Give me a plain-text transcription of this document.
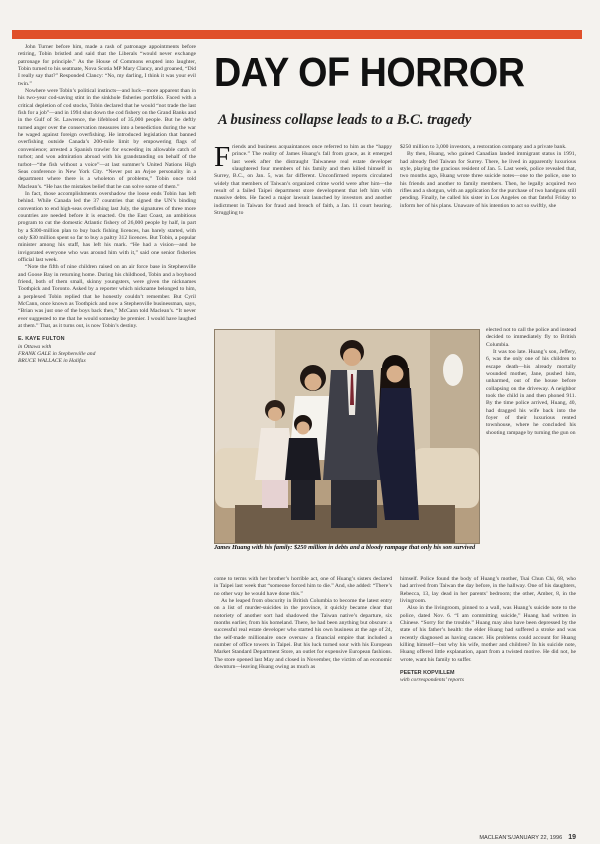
John Turner before him, made a rash of patronage appointments before retiring, Tobin bristled and said that the Liberals “would never exchange patronage for principle.” As the House of Commons erupted into laughter, Tobin turned to his seatmate, Nova Scotia MP Mary Clancy, and groaned, “Did I really say that?” Responded Clancy: “No, my darling, I think it was your evil twin.”

Nowhere were Tobin’s political instincts—and luck—more apparent than in his two-year cod-saving stint in the sinkhole fisheries portfolio. Faced with a critical depletion of cod stocks, Tobin declared that he would “not trade the last fish for a job”—and in 1994 shut down the cod fishery on the Grand Banks and in the Gulf of St. Lawrence, the lifeblood of 35,000 people. But he deftly turned anger over the conservation measures into a benediction during the war he waged against foreign overfishing. He introduced legislation that banned overfishing outside Canada’s 200-mile limit by empowering flags of convenience; arrested a Spanish trawler for exceeding its allowable catch of turbot; and won admiration abroad with his grandstanding on behalf of the turbot—“the fish without a voice”—at last summer’s United Nations High Seas conference in New York City. “Never put an Avjoe personality in a department where there is a wholeton of problems,” Tobin once told Maclean’s. “He has the mistakes belief that he can solve some of them.”

In fact, those accomplishments overshadow the loose ends Tobin has left behind. While Canada led the 37 countries that signed the UN’s binding convention to end high-seas overfishing last July, the signatures of three more countries are needed before it is enacted. On the East Coast, an ambitious program to cut the domestic Atlantic fishery of 26,000 people by half, in part by a $300-million plan to buy back fishing licences, has barely started, with only $30 million spent so far to buy a paltry 312 licences. But Tobin, a popular minister among his staff, has left his mark. “He had a vision—and he invigorated everyone who was around him with it,” said one senior fisheries official last week.

“Note the fifth of nine children raised on an air force base in Stephenville and Goose Bay in returning home. During his childhood, Tobin and a boyhood friend, both of them small, skinny youngsters, were given the nicknames Toothpick and Toronto. Asked by a reporter which nickname belonged to him, a perplexed Tobin replied that he honestly couldn’t remember. But Cyril McCann, once known as Toothpick and now a Stephenville businessman, says, “Brian was just one of the boys back then,” McCann told Maclean’s. “It never ever suggested to me that he would someday be premier. I would have laughed at them.” That, as it turns out, is now Tobin’s destiny.

E. KAYE FULTON
in Ottawa with
FRANK GALE in Stephenville and
BRUCE WALLACE in Halifax

DAY OF HORROR
A business collapse leads to a B.C. tragedy

Friends and business acquaintances once referred to him as the “happy prince.” The reality of James Huang’s fall from grace, as it emerged last week after the distraught Taiwanese real estate developer slaughtered four members of his family and then killed himself in Surrey, B.C., on Jan. 5, was far different. Unconfirmed reports circulated widely that members of Taiwan’s organized crime world were after him—the result of a failed Taipei department store development that left him with massive debts. He faced a major lawsuit launched by investors and another indictment in Taiwan for fraud and breach of faith, a Jan. 11 court hearing. Struggling to

$250 million to 3,000 investors, a restoration company and a private bank.

By then, Huang, who gained Canadian landed immigrant status in 1991, had already fled Taiwan for Surrey. There, he lived in apparently luxurious style, playing the gracious resident of Jan. 5. Last week, police revealed that, two months ago, Huang wrote three suicide notes—one to the police, one to his friends and another to family members. Then, he legally acquired two rifles and a shotgun, with an application for the purchase of two handguns still pending. Finally, he called his sister in Los Angeles on that fateful Friday to inform her of his plans. Unaware of his intention to act so swiftly, she

James Huang with his family: $250 million in debts and a bloody rampage that only his son survived

elected not to call the police and instead decided to immediately fly to British Columbia.

It was too late. Huang’s son, Jeffery, 6, was the only one of his children to escape death—his already mortally wounded mother, Jane, pushed him, unharmed, out of the house before collapsing on the driveway. A neighbor took the child in and then phoned 911. By the time police arrived, Huang, 40, had dragged his wife back into the foyer of their luxurious rented townhouse, where he concluded his shooting rampage by turning the gun on

come to terms with her brother’s horrible act, one of Huang’s sisters declared in Taipei last week that “someone forced him to die.” And, she added: “There’s no other way he would have done this.”

As he leaped from obscurity in British Columbia to become the latest entry on a list of murder-suicides in the province, it quickly became clear that notoriety of another sort had shadowed the Taiwan native’s departure, six months earlier, from his homeland. There, he had been anything but obscure: a successful real estate developer who started his own business at the age of 24, the self-made millionaire once oversaw a financial empire that included a number of office towers in Taipei. But his luck turned sour with his European Market Standard Department Store, an outlet for expensive European fashions. The store opened last May and closed in November, the victim of an economic downturn—leaving Huang owing as much as

himself. Police found the body of Huang’s mother, Tsai Chun Chi, 68, who had arrived from Taiwan the day before, in the hallway. One of his daughters, Rebecca, 13, lay dead in her parents’ bedroom; the other, Amber, 8, in the livingroom.

Also in the livingroom, pinned to a wall, was Huang’s suicide note to the police, dated Nov. 6. “I am committing suicide,” Huang had written in Chinese. “Sorry for the trouble.” Huang may also have been depressed by the state of his father’s health: the elder Huang had suffered a stroke and was recently diagnosed as having cancer. His problems could account for Huang killing himself—but why his wife, mother and children? In his suicide note, Huang offered little explanation, apart from a twisted motive. He did not, he wrote, want his family to suffer.

PEETER KOPVILLEM
with correspondents’ reports

MACLEAN’S/JANUARY 22, 1996 19
